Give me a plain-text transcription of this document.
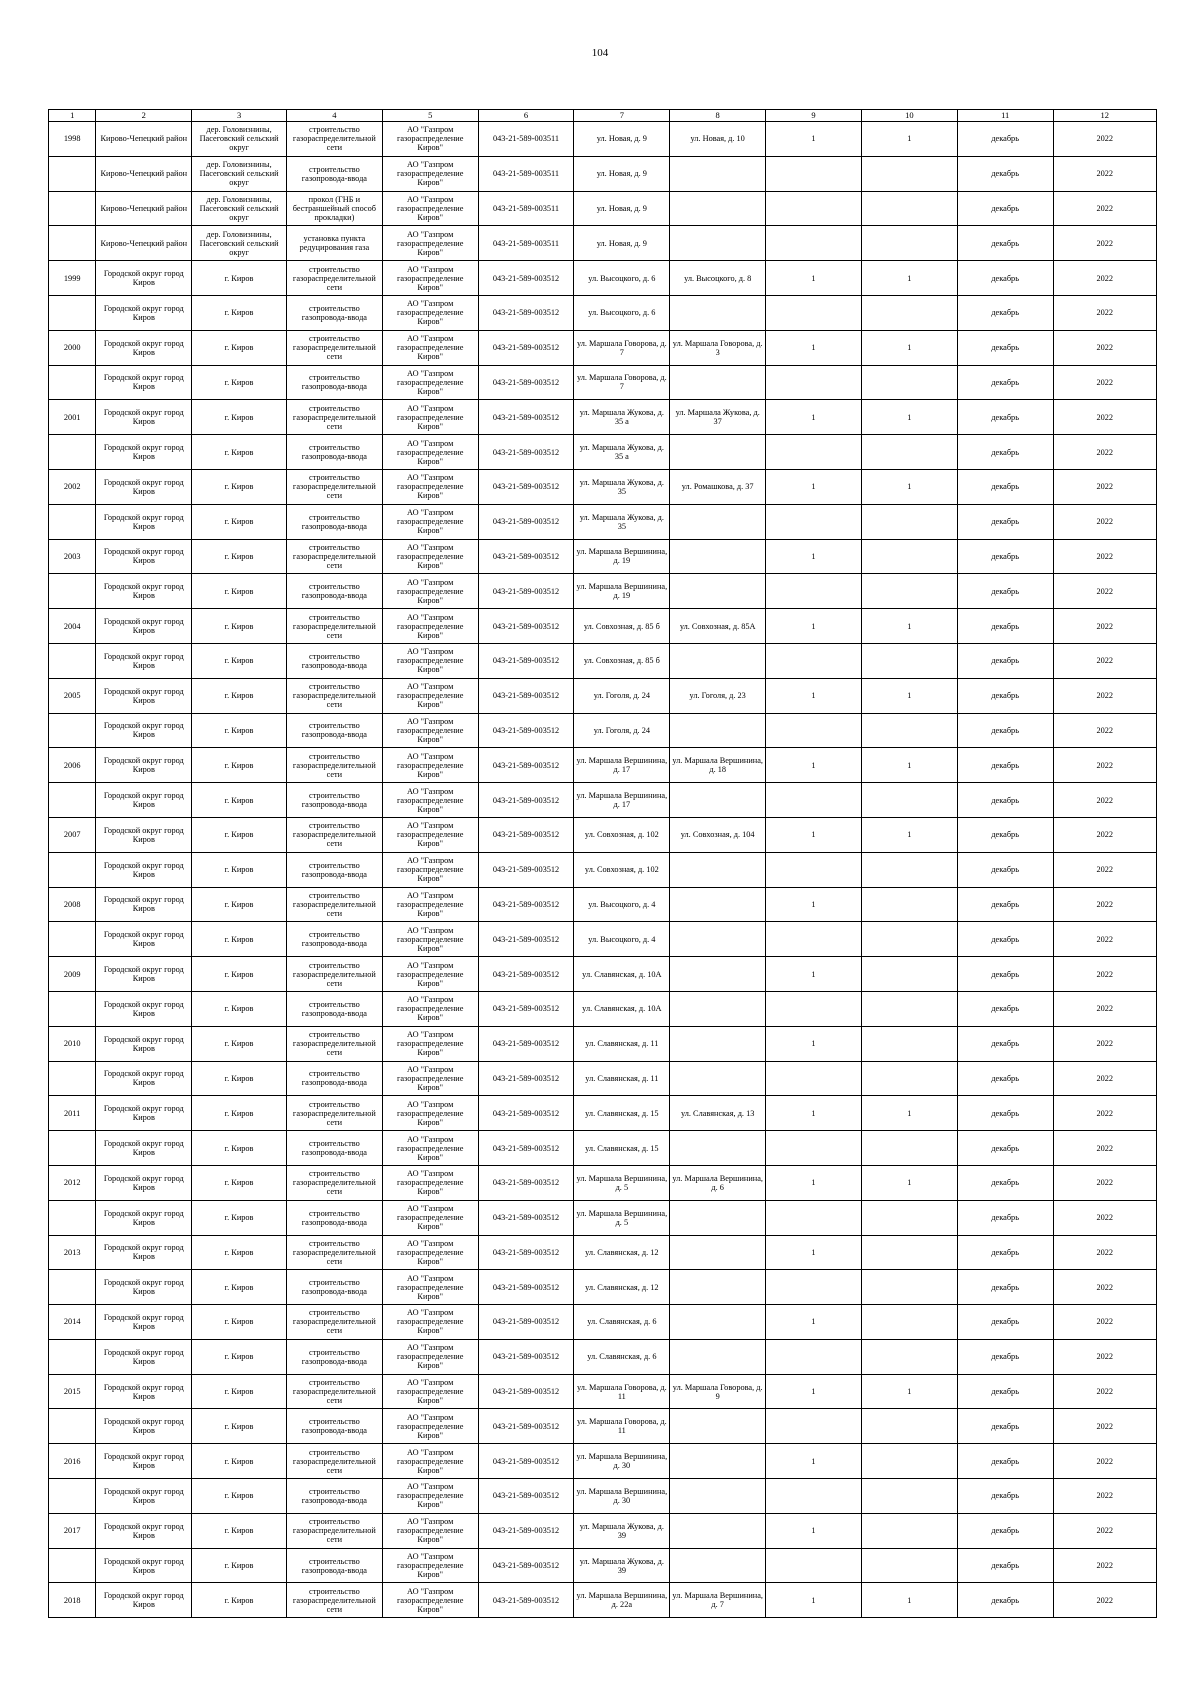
104
1	2	3	4	5	6	7	8	9	10	11	12

1998	Кирово-Чепецкий район	дер. Головизнины, Пасеговский сельский округ	строительство газораспределительной сети	АО "Газпром газораспределение Киров"	043-21-589-003511	ул. Новая, д. 9	ул. Новая, д. 10	1	1	декабрь	2022

	Кирово-Чепецкий район	дер. Головизнины, Пасеговский сельский округ	строительство газопровода-ввода	АО "Газпром газораспределение Киров"	043-21-589-003511	ул. Новая, д. 9				декабрь	2022

	Кирово-Чепецкий район	дер. Головизнины, Пасеговский сельский округ	прокол (ГНБ и бестраншейный способ прокладки)	АО "Газпром газораспределение Киров"	043-21-589-003511	ул. Новая, д. 9				декабрь	2022

	Кирово-Чепецкий район	дер. Головизнины, Пасеговский сельский округ	установка пункта редуцирования газа	АО "Газпром газораспределение Киров"	043-21-589-003511	ул. Новая, д. 9				декабрь	2022

1999	Городской округ город Киров	г. Киров	строительство газораспределительной сети	АО "Газпром газораспределение Киров"	043-21-589-003512	ул. Высоцкого, д. 6	ул. Высоцкого, д. 8	1	1	декабрь	2022

	Городской округ город Киров	г. Киров	строительство газопровода-ввода	АО "Газпром газораспределение Киров"	043-21-589-003512	ул. Высоцкого, д. 6				декабрь	2022

2000	Городской округ город Киров	г. Киров	строительство газораспределительной сети	АО "Газпром газораспределение Киров"	043-21-589-003512	ул. Маршала Говорова, д. 7	ул. Маршала Говорова, д. 3	1	1	декабрь	2022

	Городской округ город Киров	г. Киров	строительство газопровода-ввода	АО "Газпром газораспределение Киров"	043-21-589-003512	ул. Маршала Говорова, д. 7				декабрь	2022

2001	Городской округ город Киров	г. Киров	строительство газораспределительной сети	АО "Газпром газораспределение Киров"	043-21-589-003512	ул. Маршала Жукова, д. 35 а	ул. Маршала Жукова, д. 37	1	1	декабрь	2022

	Городской округ город Киров	г. Киров	строительство газопровода-ввода	АО "Газпром газораспределение Киров"	043-21-589-003512	ул. Маршала Жукова, д. 35 а				декабрь	2022

2002	Городской округ город Киров	г. Киров	строительство газораспределительной сети	АО "Газпром газораспределение Киров"	043-21-589-003512	ул. Маршала Жукова, д. 35	ул. Ромашкова, д. 37	1	1	декабрь	2022

	Городской округ город Киров	г. Киров	строительство газопровода-ввода	АО "Газпром газораспределение Киров"	043-21-589-003512	ул. Маршала Жукова, д. 35				декабрь	2022

2003	Городской округ город Киров	г. Киров	строительство газораспределительной сети	АО "Газпром газораспределение Киров"	043-21-589-003512	ул. Маршала Вершинина, д. 19		1		декабрь	2022

	Городской округ город Киров	г. Киров	строительство газопровода-ввода	АО "Газпром газораспределение Киров"	043-21-589-003512	ул. Маршала Вершинина, д. 19				декабрь	2022

2004	Городской округ город Киров	г. Киров	строительство газораспределительной сети	АО "Газпром газораспределение Киров"	043-21-589-003512	ул. Совхозная, д. 85 б	ул. Совхозная, д. 85А	1	1	декабрь	2022

	Городской округ город Киров	г. Киров	строительство газопровода-ввода	АО "Газпром газораспределение Киров"	043-21-589-003512	ул. Совхозная, д. 85 б				декабрь	2022

2005	Городской округ город Киров	г. Киров	строительство газораспределительной сети	АО "Газпром газораспределение Киров"	043-21-589-003512	ул. Гоголя, д. 24	ул. Гоголя, д. 23	1	1	декабрь	2022

	Городской округ город Киров	г. Киров	строительство газопровода-ввода	АО "Газпром газораспределение Киров"	043-21-589-003512	ул. Гоголя, д. 24				декабрь	2022

2006	Городской округ город Киров	г. Киров	строительство газораспределительной сети	АО "Газпром газораспределение Киров"	043-21-589-003512	ул. Маршала Вершинина, д. 17	ул. Маршала Вершинина, д. 18	1	1	декабрь	2022

	Городской округ город Киров	г. Киров	строительство газопровода-ввода	АО "Газпром газораспределение Киров"	043-21-589-003512	ул. Маршала Вершинина, д. 17				декабрь	2022

2007	Городской округ город Киров	г. Киров	строительство газораспределительной сети	АО "Газпром газораспределение Киров"	043-21-589-003512	ул. Совхозная, д. 102	ул. Совхозная, д. 104	1	1	декабрь	2022

	Городской округ город Киров	г. Киров	строительство газопровода-ввода	АО "Газпром газораспределение Киров"	043-21-589-003512	ул. Совхозная, д. 102				декабрь	2022

2008	Городской округ город Киров	г. Киров	строительство газораспределительной сети	АО "Газпром газораспределение Киров"	043-21-589-003512	ул. Высоцкого, д. 4		1		декабрь	2022

	Городской округ город Киров	г. Киров	строительство газопровода-ввода	АО "Газпром газораспределение Киров"	043-21-589-003512	ул. Высоцкого, д. 4				декабрь	2022

2009	Городской округ город Киров	г. Киров	строительство газораспределительной сети	АО "Газпром газораспределение Киров"	043-21-589-003512	ул. Славянская, д. 10А		1		декабрь	2022

	Городской округ город Киров	г. Киров	строительство газопровода-ввода	АО "Газпром газораспределение Киров"	043-21-589-003512	ул. Славянская, д. 10А				декабрь	2022

2010	Городской округ город Киров	г. Киров	строительство газораспределительной сети	АО "Газпром газораспределение Киров"	043-21-589-003512	ул. Славянская, д. 11		1		декабрь	2022

	Городской округ город Киров	г. Киров	строительство газопровода-ввода	АО "Газпром газораспределение Киров"	043-21-589-003512	ул. Славянская, д. 11				декабрь	2022

2011	Городской округ город Киров	г. Киров	строительство газораспределительной сети	АО "Газпром газораспределение Киров"	043-21-589-003512	ул. Славянская, д. 15	ул. Славянская, д. 13	1	1	декабрь	2022

	Городской округ город Киров	г. Киров	строительство газопровода-ввода	АО "Газпром газораспределение Киров"	043-21-589-003512	ул. Славянская, д. 15				декабрь	2022

2012	Городской округ город Киров	г. Киров	строительство газораспределительной сети	АО "Газпром газораспределение Киров"	043-21-589-003512	ул. Маршала Вершинина, д. 5	ул. Маршала Вершинина, д. 6	1	1	декабрь	2022

	Городской округ город Киров	г. Киров	строительство газопровода-ввода	АО "Газпром газораспределение Киров"	043-21-589-003512	ул. Маршала Вершинина, д. 5				декабрь	2022

2013	Городской округ город Киров	г. Киров	строительство газораспределительной сети	АО "Газпром газораспределение Киров"	043-21-589-003512	ул. Славянская, д. 12		1		декабрь	2022

	Городской округ город Киров	г. Киров	строительство газопровода-ввода	АО "Газпром газораспределение Киров"	043-21-589-003512	ул. Славянская, д. 12				декабрь	2022

2014	Городской округ город Киров	г. Киров	строительство газораспределительной сети	АО "Газпром газораспределение Киров"	043-21-589-003512	ул. Славянская, д. 6		1		декабрь	2022

	Городской округ город Киров	г. Киров	строительство газопровода-ввода	АО "Газпром газораспределение Киров"	043-21-589-003512	ул. Славянская, д. 6				декабрь	2022

2015	Городской округ город Киров	г. Киров	строительство газораспределительной сети	АО "Газпром газораспределение Киров"	043-21-589-003512	ул. Маршала Говорова, д. 11	ул. Маршала Говорова, д. 9	1	1	декабрь	2022

	Городской округ город Киров	г. Киров	строительство газопровода-ввода	АО "Газпром газораспределение Киров"	043-21-589-003512	ул. Маршала Говорова, д. 11				декабрь	2022

2016	Городской округ город Киров	г. Киров	строительство газораспределительной сети	АО "Газпром газораспределение Киров"	043-21-589-003512	ул. Маршала Вершинина, д. 30		1		декабрь	2022

	Городской округ город Киров	г. Киров	строительство газопровода-ввода	АО "Газпром газораспределение Киров"	043-21-589-003512	ул. Маршала Вершинина, д. 30				декабрь	2022

2017	Городской округ город Киров	г. Киров	строительство газораспределительной сети	АО "Газпром газораспределение Киров"	043-21-589-003512	ул. Маршала Жукова, д. 39		1		декабрь	2022

	Городской округ город Киров	г. Киров	строительство газопровода-ввода	АО "Газпром газораспределение Киров"	043-21-589-003512	ул. Маршала Жукова, д. 39				декабрь	2022

2018	Городской округ город Киров	г. Киров	строительство газораспределительной сети	АО "Газпром газораспределение Киров"	043-21-589-003512	ул. Маршала Вершинина, д. 22а	ул. Маршала Вершинина, д. 7	1	1	декабрь	2022
